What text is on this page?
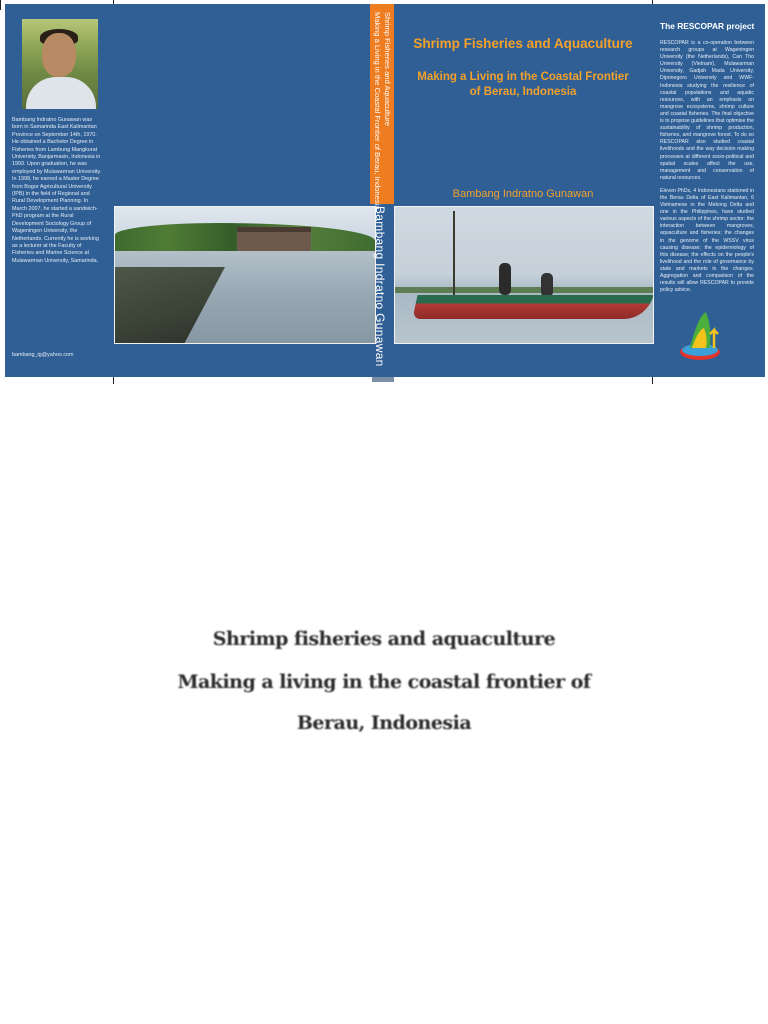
Bambang Indratno Gunawan was born in Samarinda East Kalimantan Province on September 14th, 1970. He obtained a Bachelor Degree in Fisheries from Lambung Mangkurat University, Banjarmasin, Indonesia in 1993. Upon graduation, he was employed by Mulawarman University. In 1998, he earned a Master Degree from Bogor Agricultural University (IPB) in the field of Regional and Rural Development Planning. In March 2007, he started a sandwich-PhD program at the Rural Development Sociology Group of Wageningen University, the Netherlands. Currently he is working as a lecturer at the Faculty of Fisheries and Marine Science at Mulawarman University, Samarinda.
bambang_ig@yahoo.com
Shrimp Fisheries and Aquaculture
Making a Living in the Coastal Frontier of Berau, Indonesia
Bambang Indratno Gunawan
Shrimp Fisheries and Aquaculture
Making a Living in the Coastal Frontier
of Berau, Indonesia
Bambang Indratno Gunawan
The RESCOPAR project

RESCOPAR is a co-operation between research groups at Wageningen University (the Netherlands), Can Tho University (Vietnam), Mulawarman University, Gadjah Mada University, Diponegoro University and WWF-Indonesia studying the resilience of coastal populations and aquatic resources, with an emphasis on mangrove ecosystems, shrimp culture and coastal fisheries. The final objective is to propose guidelines that optimise the sustainability of shrimp production, fisheries, and mangrove forest. To do so RESCOPAR also studied coastal livelihoods and the way decision making processes at different socio-political and spatial scales affect the use, management and conservation of natural resources.

Eleven PhDs, 4 Indonesians stationed in the Berau Delta of East Kalimantan, 6 Vietnamese in the Mekong Delta and one in the Philippines, have studied various aspects of the shrimp sector: the interaction between mangroves, aquaculture and fisheries; the changes in the genome of the WSSV virus causing disease; the epidemiology of this disease; the effects on the people's livelihood and the role of governance by state and markets in the changes. Aggregation and comparison of the results will allow RESCOPAR to provide policy advice.

Shrimp fisheries and aquaculture
Making a living in the coastal frontier of
Berau, Indonesia
